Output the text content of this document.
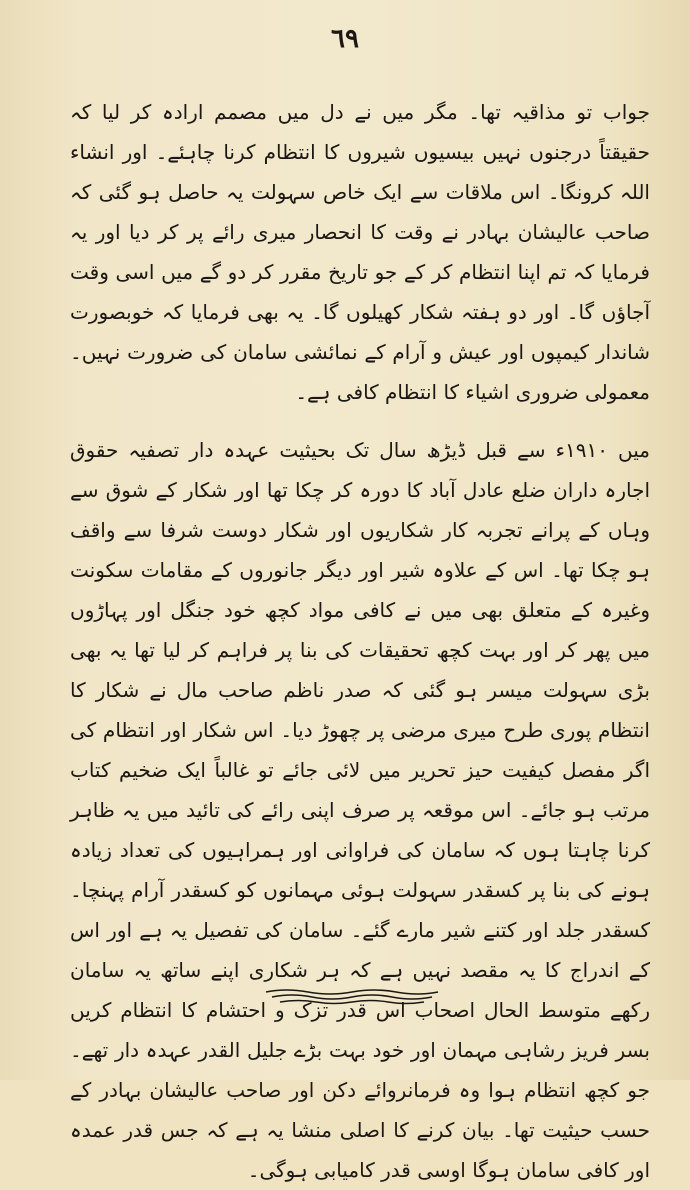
٦٩

جواب تو مذاقیہ تھا۔ مگر میں نے دل میں مصمم ارادہ کر لیا کہ حقیقتاً درجنوں نہیں بیسیوں شیروں کا انتظام کرنا چاہئے۔ اور انشاء اللہ کرونگا۔ اس ملاقات سے ایک خاص سہولت یہ حاصل ہو گئی کہ صاحب عالیشان بہادر نے وقت کا انحصار میری رائے پر کر دیا اور یہ فرمایا کہ تم اپنا انتظام کر کے جو تاریخ مقرر کر دو گے میں اسی وقت آجاؤں گا۔ اور دو ہفتہ شکار کھیلوں گا۔ یہ بھی فرمایا کہ خوبصورت شاندار کیمپوں اور عیش و آرام کے نمائشی سامان کی ضرورت نہیں۔ معمولی ضروری اشیاء کا انتظام کافی ہے۔

میں ۱۹۱۰ء سے قبل ڈیڑھ سال تک بحیثیت عہدہ دار تصفیہ حقوق اجارہ داران ضلع عادل آباد کا دورہ کر چکا تھا اور شکار کے شوق سے وہاں کے پرانے تجربہ کار شکاریوں اور شکار دوست شرفا سے واقف ہو چکا تھا۔ اس کے علاوہ شیر اور دیگر جانوروں کے مقامات سکونت وغیرہ کے متعلق بھی میں نے کافی مواد کچھ خود جنگل اور پہاڑوں میں پھر کر اور بہت کچھ تحقیقات کی بنا پر فراہم کر لیا تھا یہ بھی بڑی سہولت میسر ہو گئی کہ صدر ناظم صاحب مال نے شکار کا انتظام پوری طرح میری مرضی پر چھوڑ دیا۔ اس شکار اور انتظام کی اگر مفصل کیفیت حیز تحریر میں لائی جائے تو غالباً ایک ضخیم کتاب مرتب ہو جائے۔ اس موقعہ پر صرف اپنی رائے کی تائید میں یہ ظاہر کرنا چاہتا ہوں کہ سامان کی فراوانی اور ہمراہیوں کی تعداد زیادہ ہونے کی بنا پر کسقدر سہولت ہوئی مہمانوں کو کسقدر آرام پہنچا۔ کسقدر جلد اور کتنے شیر مارے گئے۔ سامان کی تفصیل یہ ہے اور اس کے اندراج کا یہ مقصد نہیں ہے کہ ہر شکاری اپنے ساتھ یہ سامان رکھے متوسط الحال اصحاب اس قدر تزک و احتشام کا انتظام کریں بسر فریز رشاہی مہمان اور خود بہت بڑے جلیل القدر عہدہ دار تھے۔ جو کچھ انتظام ہوا وہ فرمانروائے دکن اور صاحب عالیشان بہادر کے حسب حیثیت تھا۔ بیان کرنے کا اصلی منشا یہ ہے کہ جس قدر عمدہ اور کافی سامان ہوگا اوسی قدر کامیابی ہوگی۔
